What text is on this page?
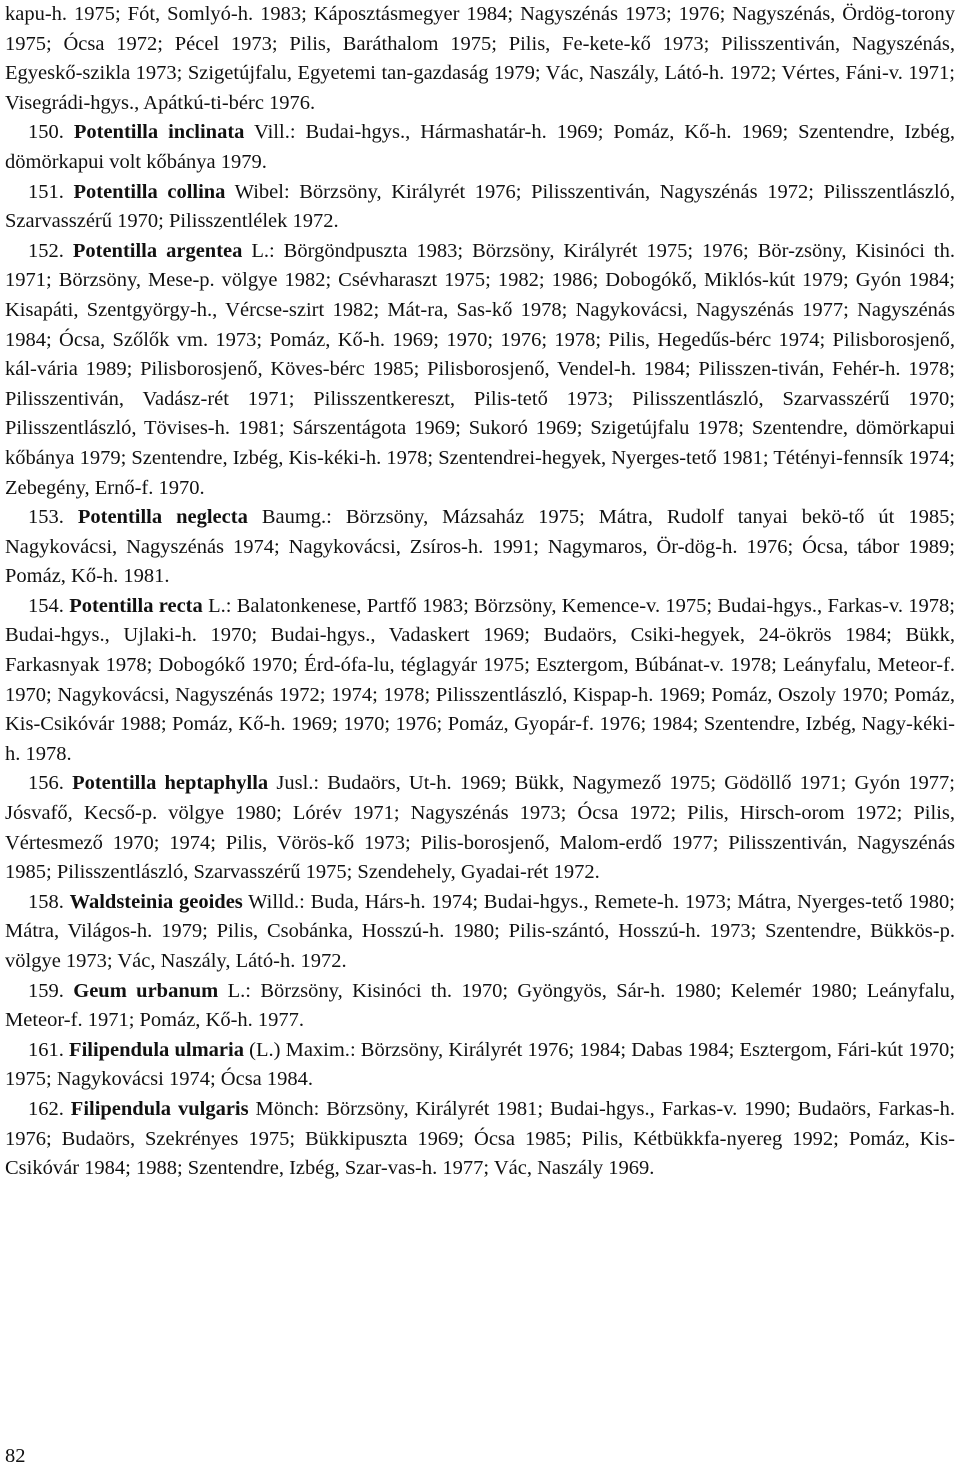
kapu-h. 1975; Fót, Somlyó-h. 1983; Káposztásmegyer 1984; Nagyszénás 1973; 1976; Nagyszénás, Ördög-torony 1975; Ócsa 1972; Pécel 1973; Pilis, Baráthalom 1975; Pilis, Fe-kete-kő 1973; Pilisszentiván, Nagyszénás, Egyeskő-szikla 1973; Szigetújfalu, Egyetemi tan-gazdaság 1979; Vác, Naszály, Látó-h. 1972; Vértes, Fáni-v. 1971; Visegrádi-hgys., Apátkú-ti-bérc 1976.

150. Potentilla inclinata Vill.: Budai-hgys., Hármashatár-h. 1969; Pomáz, Kő-h. 1969; Szentendre, Izbég, dömörkapui volt kőbánya 1979.

151. Potentilla collina Wibel: Börzsöny, Királyrét 1976; Pilisszentiván, Nagyszénás 1972; Pilisszentlászló, Szarvasszérű 1970; Pilisszentlélek 1972.

152. Potentilla argentea L.: Börgöndpuszta 1983; Börzsöny, Királyrét 1975; 1976; Bör-zsöny, Kisinóci th. 1971; Börzsöny, Mese-p. völgye 1982; Csévharaszt 1975; 1982; 1986; Dobogókő, Miklós-kút 1979; Gyón 1984; Kisapáti, Szentgyörgy-h., Vércse-szirt 1982; Mát-ra, Sas-kő 1978; Nagykovácsi, Nagyszénás 1977; Nagyszénás 1984; Ócsa, Szőlők vm. 1973; Pomáz, Kő-h. 1969; 1970; 1976; 1978; Pilis, Hegedűs-bérc 1974; Pilisborosjenő, kál-vária 1989; Pilisborosjenő, Köves-bérc 1985; Pilisborosjenő, Vendel-h. 1984; Pilisszen-tiván, Fehér-h. 1978; Pilisszentiván, Vadász-rét 1971; Pilisszentkereszt, Pilis-tető 1973; Pilisszentlászló, Szarvasszérű 1970; Pilisszentlászló, Tövises-h. 1981; Sárszentágota 1969; Sukoró 1969; Szigetújfalu 1978; Szentendre, dömörkapui kőbánya 1979; Szentendre, Izbég, Kis-kéki-h. 1978; Szentendrei-hegyek, Nyerges-tető 1981; Tétényi-fennsík 1974; Zebegény, Ernő-f. 1970.

153. Potentilla neglecta Baumg.: Börzsöny, Mázsaház 1975; Mátra, Rudolf tanyai bekö-tő út 1985; Nagykovácsi, Nagyszénás 1974; Nagykovácsi, Zsíros-h. 1991; Nagymaros, Ör-dög-h. 1976; Ócsa, tábor 1989; Pomáz, Kő-h. 1981.

154. Potentilla recta L.: Balatonkenese, Partfő 1983; Börzsöny, Kemence-v. 1975; Budai-hgys., Farkas-v. 1978; Budai-hgys., Ujlaki-h. 1970; Budai-hgys., Vadaskert 1969; Budaörs, Csiki-hegyek, 24-ökrös 1984; Bükk, Farkasnyak 1978; Dobogókő 1970; Érd-ófa-lu, téglagyár 1975; Esztergom, Búbánat-v. 1978; Leányfalu, Meteor-f. 1970; Nagykovácsi, Nagyszénás 1972; 1974; 1978; Pilisszentlászló, Kispap-h. 1969; Pomáz, Oszoly 1970; Pomáz, Kis-Csikóvár 1988; Pomáz, Kő-h. 1969; 1970; 1976; Pomáz, Gyopár-f. 1976; 1984; Szentendre, Izbég, Nagy-kéki-h. 1978.

156. Potentilla heptaphylla Jusl.: Budaörs, Ut-h. 1969; Bükk, Nagymező 1975; Gödöllő 1971; Gyón 1977; Jósvafő, Kecső-p. völgye 1980; Lórév 1971; Nagyszénás 1973; Ócsa 1972; Pilis, Hirsch-orom 1972; Pilis, Vértesmező 1970; 1974; Pilis, Vörös-kő 1973; Pilis-borosjenő, Malom-erdő 1977; Pilisszentiván, Nagyszénás 1985; Pilisszentlászló, Szarvasszérű 1975; Szendehely, Gyadai-rét 1972.

158. Waldsteinia geoides Willd.: Buda, Hárs-h. 1974; Budai-hgys., Remete-h. 1973; Mátra, Nyerges-tető 1980; Mátra, Világos-h. 1979; Pilis, Csobánka, Hosszú-h. 1980; Pilis-szántó, Hosszú-h. 1973; Szentendre, Bükkös-p. völgye 1973; Vác, Naszály, Látó-h. 1972.

159. Geum urbanum L.: Börzsöny, Kisinóci th. 1970; Gyöngyös, Sár-h. 1980; Kelemér 1980; Leányfalu, Meteor-f. 1971; Pomáz, Kő-h. 1977.

161. Filipendula ulmaria (L.) Maxim.: Börzsöny, Királyrét 1976; 1984; Dabas 1984; Esztergom, Fári-kút 1970; 1975; Nagykovácsi 1974; Ócsa 1984.

162. Filipendula vulgaris Mönch: Börzsöny, Királyrét 1981; Budai-hgys., Farkas-v. 1990; Budaörs, Farkas-h. 1976; Budaörs, Szekrényes 1975; Bükkipuszta 1969; Ócsa 1985; Pilis, Kétbükkfa-nyereg 1992; Pomáz, Kis-Csikóvár 1984; 1988; Szentendre, Izbég, Szar-vas-h. 1977; Vác, Naszály 1969.

82
